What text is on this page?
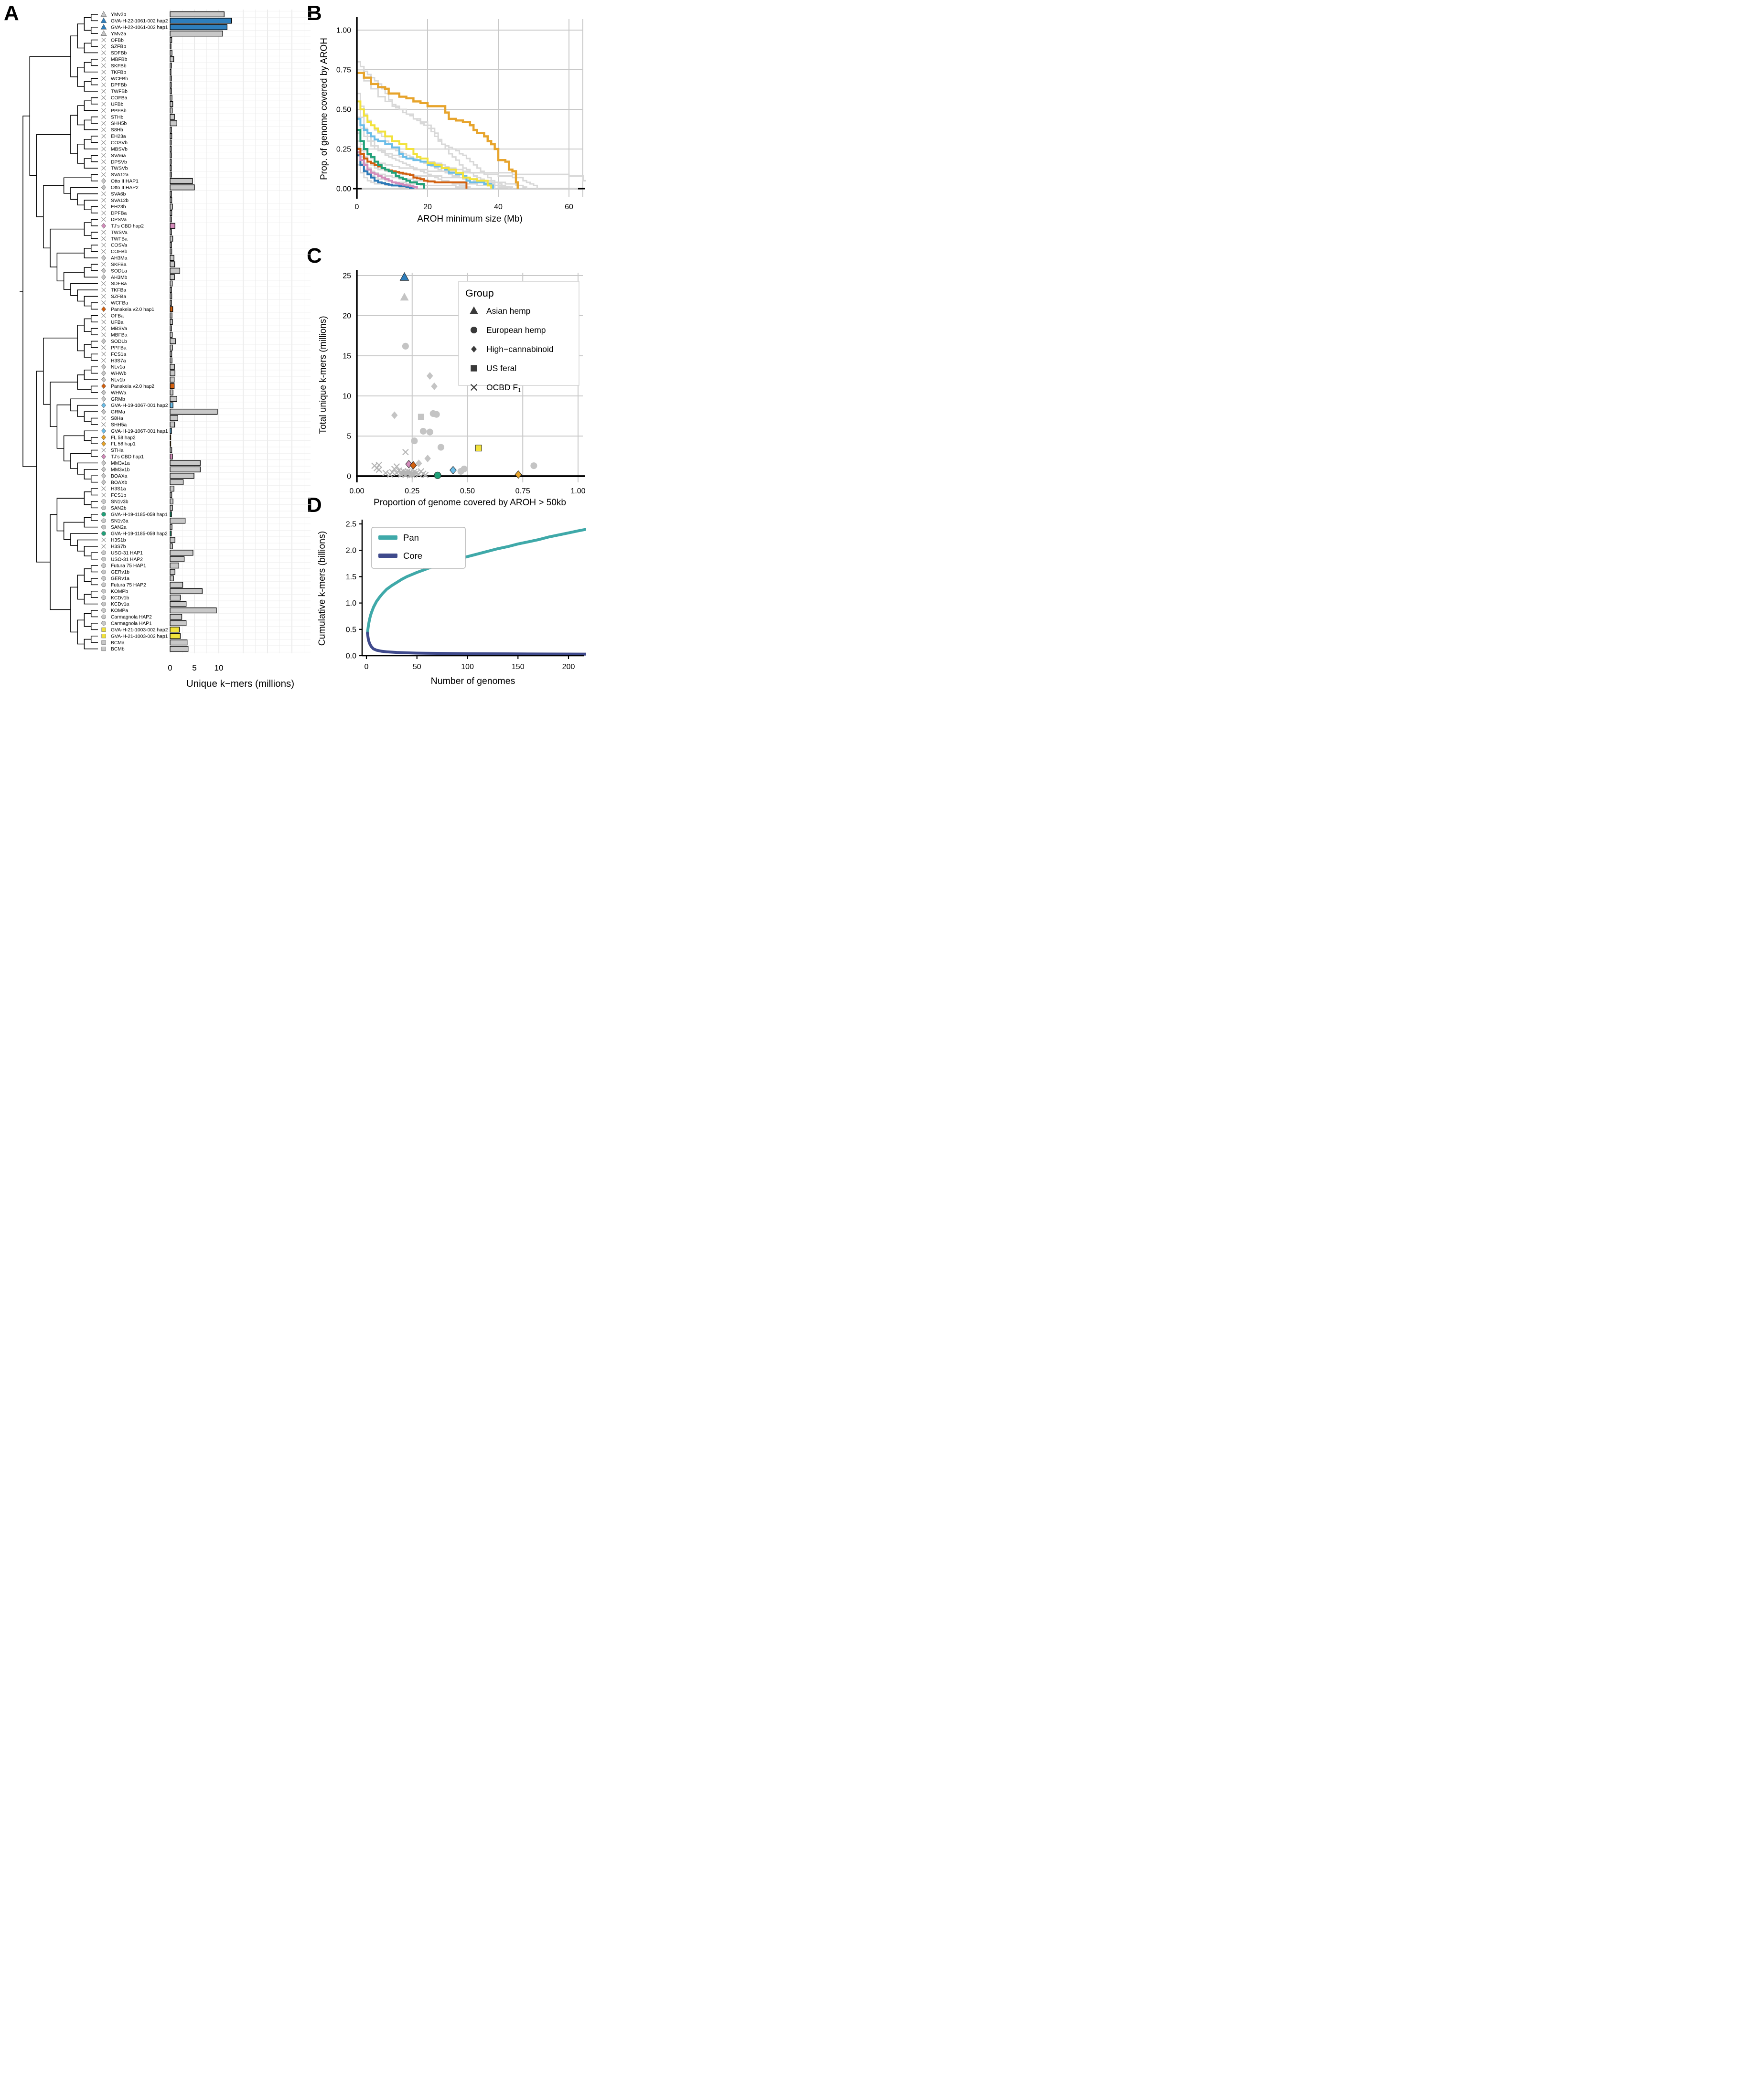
A	B
C
D
YMv2b
GVA-H-22-1061-002 hap2
GVA-H-22-1061-002 hap1
YMv2a
OFBb
SZFBb
SDFBb
MBFBb
SKFBb
TKFBb
WCFBb
DPFBb
TWFBb
COFBa
UFBb
PPFBb
STHb
SHH5b
S8Hb
EH23a
COSVb
MBSVb
SVA6a
DPSVb
TWSVb
SVA12a
Otto II HAP1
Otto II HAP2
SVA6b
SVA12b
EH23b
DPFBa
DPSVa
TJ's CBD hap2
TWSVa
TWFBa
COSVa
COFBb
AH3Ma
SKFBa
SODLa
AH3Mb
SDFBa
TKFBa
SZFBa
WCFBa
Panakeia v2.0 hap1
OFBa
UFBa
MBSVa
MBFBa
SODLb
PPFBa
FCS1a
H3S7a
NLv1a
WHWb
NLv1b
Panakeia v2.0 hap2
WHWa
GRMb
GVA-H-19-1067-001 hap2
GRMa
S8Ha
SHH5a
GVA-H-19-1067-001 hap1
FL 58 hap2
FL 58 hap1
STHa
TJ's CBD hap1
MM3v1a
MM3v1b
BOAXa
BOAXb
H3S1a
FCS1b
SN1v3b
SAN2b
GVA-H-19-1185-059 hap1
SN1v3a
SAN2a
GVA-H-19-1185-059 hap2
H3S1b
H3S7b
USO-31 HAP1
USO-31 HAP2
Futura 75 HAP1
GERv1b
GERv1a
Futura 75 HAP2
KOMPb
KCDv1b
KCDv1a
KOMPa
Carmagnola HAP2
Carmagnola HAP1
GVA-H-21-1003-002 hap2
GVA-H-21-1003-002 hap1
BCMa
BCMb
0 5 10
Unique k−mers (millions)
0.00
0.25
0.50
0.75
1.00
0	20	40	60
AROH minimum size (Mb)
Prop. of genome covered by AROH
Group
Asian hemp
European hemp
High−cannabinoid
US feral
OCBD $F_1$
0.00	0.25	0.50	0.75	1.00
0
5
10
15
20
25
Proportion of genome covered by AROH > 50kb
Total unique k-mers (millions)
0.0
0.5
1.0
1.5
2.0
2.5
0	50	100	150	200
Pan
Core
Number of genomes
Cumulative k-mers (billions)
